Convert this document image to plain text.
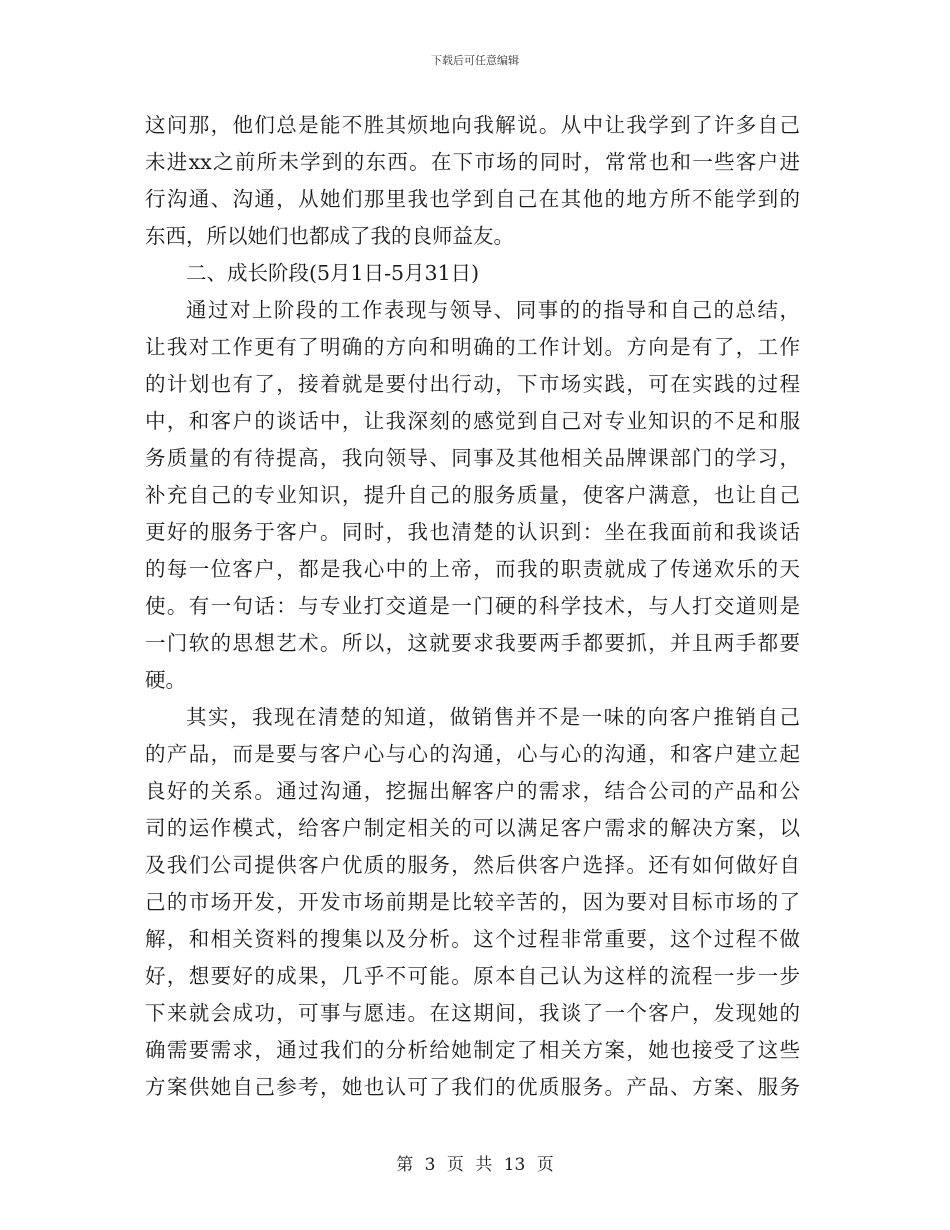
下载后可任意编辑
这问那，他们总是能不胜其烦地向我解说。从中让我学到了许多自己
未进xx之前所未学到的东西。在下市场的同时，常常也和一些客户进
行沟通、沟通，从她们那里我也学到自己在其他的地方所不能学到的
东西，所以她们也都成了我的良师益友。
二、成长阶段(5月1日-5月31日)
通过对上阶段的工作表现与领导、同事的的指导和自己的总结，
让我对工作更有了明确的方向和明确的工作计划。方向是有了，工作
的计划也有了，接着就是要付出行动，下市场实践，可在实践的过程
中，和客户的谈话中，让我深刻的感觉到自己对专业知识的不足和服
务质量的有待提高，我向领导、同事及其他相关品牌课部门的学习，
补充自己的专业知识，提升自己的服务质量，使客户满意，也让自己
更好的服务于客户。同时，我也清楚的认识到：坐在我面前和我谈话
的每一位客户，都是我心中的上帝，而我的职责就成了传递欢乐的天
使。有一句话：与专业打交道是一门硬的科学技术，与人打交道则是
一门软的思想艺术。所以，这就要求我要两手都要抓，并且两手都要
硬。
其实，我现在清楚的知道，做销售并不是一味的向客户推销自己
的产品，而是要与客户心与心的沟通，心与心的沟通，和客户建立起
良好的关系。通过沟通，挖掘出解客户的需求，结合公司的产品和公
司的运作模式，给客户制定相关的可以满足客户需求的解决方案，以
及我们公司提供客户优质的服务，然后供客户选择。还有如何做好自
己的市场开发，开发市场前期是比较辛苦的，因为要对目标市场的了
解，和相关资料的搜集以及分析。这个过程非常重要，这个过程不做
好，想要好的成果，几乎不可能。原本自己认为这样的流程一步一步
下来就会成功，可事与愿违。在这期间，我谈了一个客户，发现她的
确需要需求，通过我们的分析给她制定了相关方案，她也接受了这些
方案供她自己参考，她也认可了我们的优质服务。产品、方案、服务
第 3 页 共 13 页
